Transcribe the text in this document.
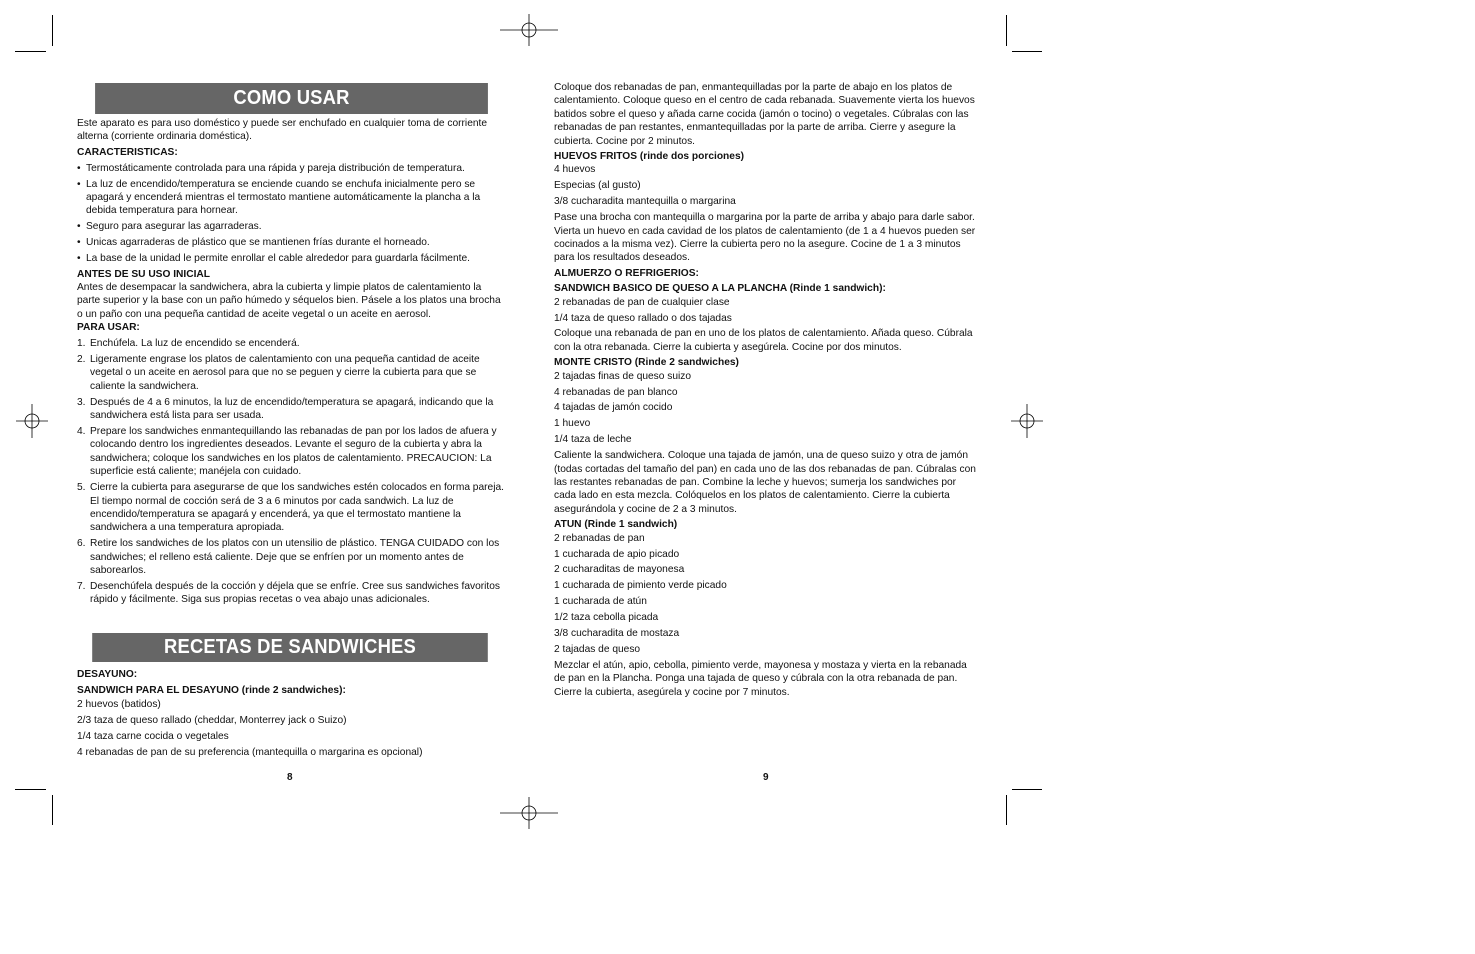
COMO USAR

Este aparato es para uso doméstico y puede ser enchufado en cualquier toma de corriente alterna (corriente ordinaria doméstica).

CARACTERISTICAS:

• Termostáticamente controlada para una rápida y pareja distribución de temperatura.
• La luz de encendido/temperatura se enciende cuando se enchufa inicialmente pero se apagará y encenderá mientras el termostato mantiene automáticamente la plancha a la debida temperatura para hornear.
• Seguro para asegurar las agarraderas.
• Unicas agarraderas de plástico que se mantienen frías durante el horneado.
• La base de la unidad le permite enrollar el cable alrededor para guardarla fácilmente.

ANTES DE SU USO INICIAL

Antes de desempacar la sandwichera, abra la cubierta y limpie platos de calentamiento la parte superior y la base con un paño húmedo y séquelos bien. Pásele a los platos una brocha o un paño con una pequeña cantidad de aceite vegetal o un aceite en aerosol.

PARA USAR:

1. Enchúfela. La luz de encendido se encenderá.
2. Ligeramente engrase los platos de calentamiento con una pequeña cantidad de aceite vegetal o un aceite en aerosol para que no se peguen y cierre la cubierta para que se caliente la sandwichera.
3. Después de 4 a 6 minutos, la luz de encendido/temperatura se apagará, indicando que la sandwichera está lista para ser usada.
4. Prepare los sandwiches enmantequillando las rebanadas de pan por los lados de afuera y colocando dentro los ingredientes deseados. Levante el seguro de la cubierta y abra la sandwichera; coloque los sandwiches en los platos de calentamiento. PRECAUCION: La superficie está caliente; manéjela con cuidado.
5. Cierre la cubierta para asegurarse de que los sandwiches estén colocados en forma pareja. El tiempo normal de cocción será de 3 a 6 minutos por cada sandwich. La luz de encendido/temperatura se apagará y encenderá, ya que el termostato mantiene la sandwichera a una temperatura apropiada.
6. Retire los sandwiches de los platos con un utensilio de plástico. TENGA CUIDADO con los sandwiches; el relleno está caliente. Deje que se enfríen por un momento antes de saborearlos.
7. Desenchúfela después de la cocción y déjela que se enfríe. Cree sus sandwiches favoritos rápido y fácilmente. Siga sus propias recetas o vea abajo unas adicionales.
RECETAS DE SANDWICHES

DESAYUNO:

SANDWICH PARA EL DESAYUNO (rinde 2 sandwiches):

2 huevos (batidos)
2/3 taza de queso rallado (cheddar, Monterrey jack o Suizo)
1/4 taza carne cocida o vegetales
4 rebanadas de pan de su preferencia (mantequilla o margarina es opcional)
8

Coloque dos rebanadas de pan, enmantequilladas por la parte de abajo en los platos de calentamiento. Coloque queso en el centro de cada rebanada. Suavemente vierta los huevos batidos sobre el queso y añada carne cocida (jamón o tocino) o vegetales. Cúbralas con las rebanadas de pan restantes, enmantequilladas por la parte de arriba. Cierre y asegure la cubierta. Cocine por 2 minutos.

HUEVOS FRITOS (rinde dos porciones)

4 huevos
Especias (al gusto)
3/8 cucharadita mantequilla o margarina

Pase una brocha con mantequilla o margarina por la parte de arriba y abajo para darle sabor. Vierta un huevo en cada cavidad de los platos de calentamiento (de 1 a 4 huevos pueden ser cocinados a la misma vez). Cierre la cubierta pero no la asegure. Cocine de 1 a 3 minutos para los resultados deseados.

ALMUERZO O REFRIGERIOS:

SANDWICH BASICO DE QUESO A LA PLANCHA (Rinde 1 sandwich):

2 rebanadas de pan de cualquier clase
1/4 taza de queso rallado o dos tajadas

Coloque una rebanada de pan en uno de los platos de calentamiento. Añada queso. Cúbrala con la otra rebanada. Cierre la cubierta y asegúrela. Cocine por dos minutos.

MONTE CRISTO (Rinde 2 sandwiches)

2 tajadas finas de queso suizo
4 rebanadas de pan blanco
4 tajadas de jamón cocido
1 huevo
1/4 taza de leche

Caliente la sandwichera. Coloque una tajada de jamón, una de queso suizo y otra de jamón (todas cortadas del tamaño del pan) en cada uno de las dos rebanadas de pan. Cúbralas con las restantes rebanadas de pan. Combine la leche y huevos; sumerja los sandwiches por cada lado en esta mezcla. Colóquelos en los platos de calentamiento. Cierre la cubierta asegurándola y cocine de 2 a 3 minutos.

ATUN (Rinde 1 sandwich)

2 rebanadas de pan
1 cucharada de apio picado
2 cucharaditas de mayonesa
1 cucharada de pimiento verde picado
1 cucharada de atún
1/2 taza cebolla picada
3/8 cucharadita de mostaza
2 tajadas de queso

Mezclar el atún, apio, cebolla, pimiento verde, mayonesa y mostaza y vierta en la rebanada de pan en la Plancha. Ponga una tajada de queso y cúbrala con la otra rebanada de pan. Cierre la cubierta, asegúrela y cocine por 7 minutos.

9
